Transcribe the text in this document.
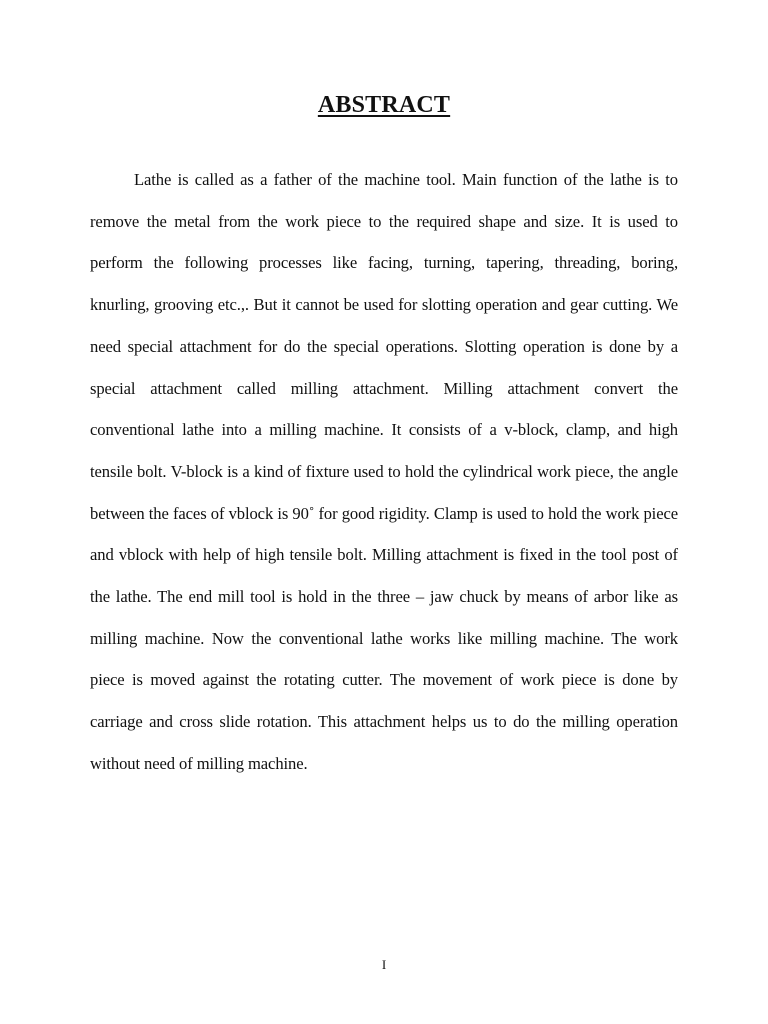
ABSTRACT

Lathe is called as a father of the machine tool. Main function of the lathe is to remove the metal from the work piece to the required shape and size. It is used to perform the following processes like facing, turning, tapering, threading, boring, knurling, grooving etc.,. But it cannot be used for slotting operation and gear cutting. We need special attachment for do the special operations. Slotting operation is done by a special attachment called milling attachment. Milling attachment convert the conventional lathe into a milling machine. It consists of a v-block, clamp, and high tensile bolt. V-block is a kind of fixture used to hold the cylindrical work piece, the angle between the faces of vblock is 90˚ for good rigidity. Clamp is used to hold the work piece and vblock with help of high tensile bolt. Milling attachment is fixed in the tool post of the lathe. The end mill tool is hold in the three – jaw chuck by means of arbor like as milling machine. Now the conventional lathe works like milling machine. The work piece is moved against the rotating cutter. The movement of work piece is done by carriage and cross slide rotation. This attachment helps us to do the milling operation without need of milling machine.

I
